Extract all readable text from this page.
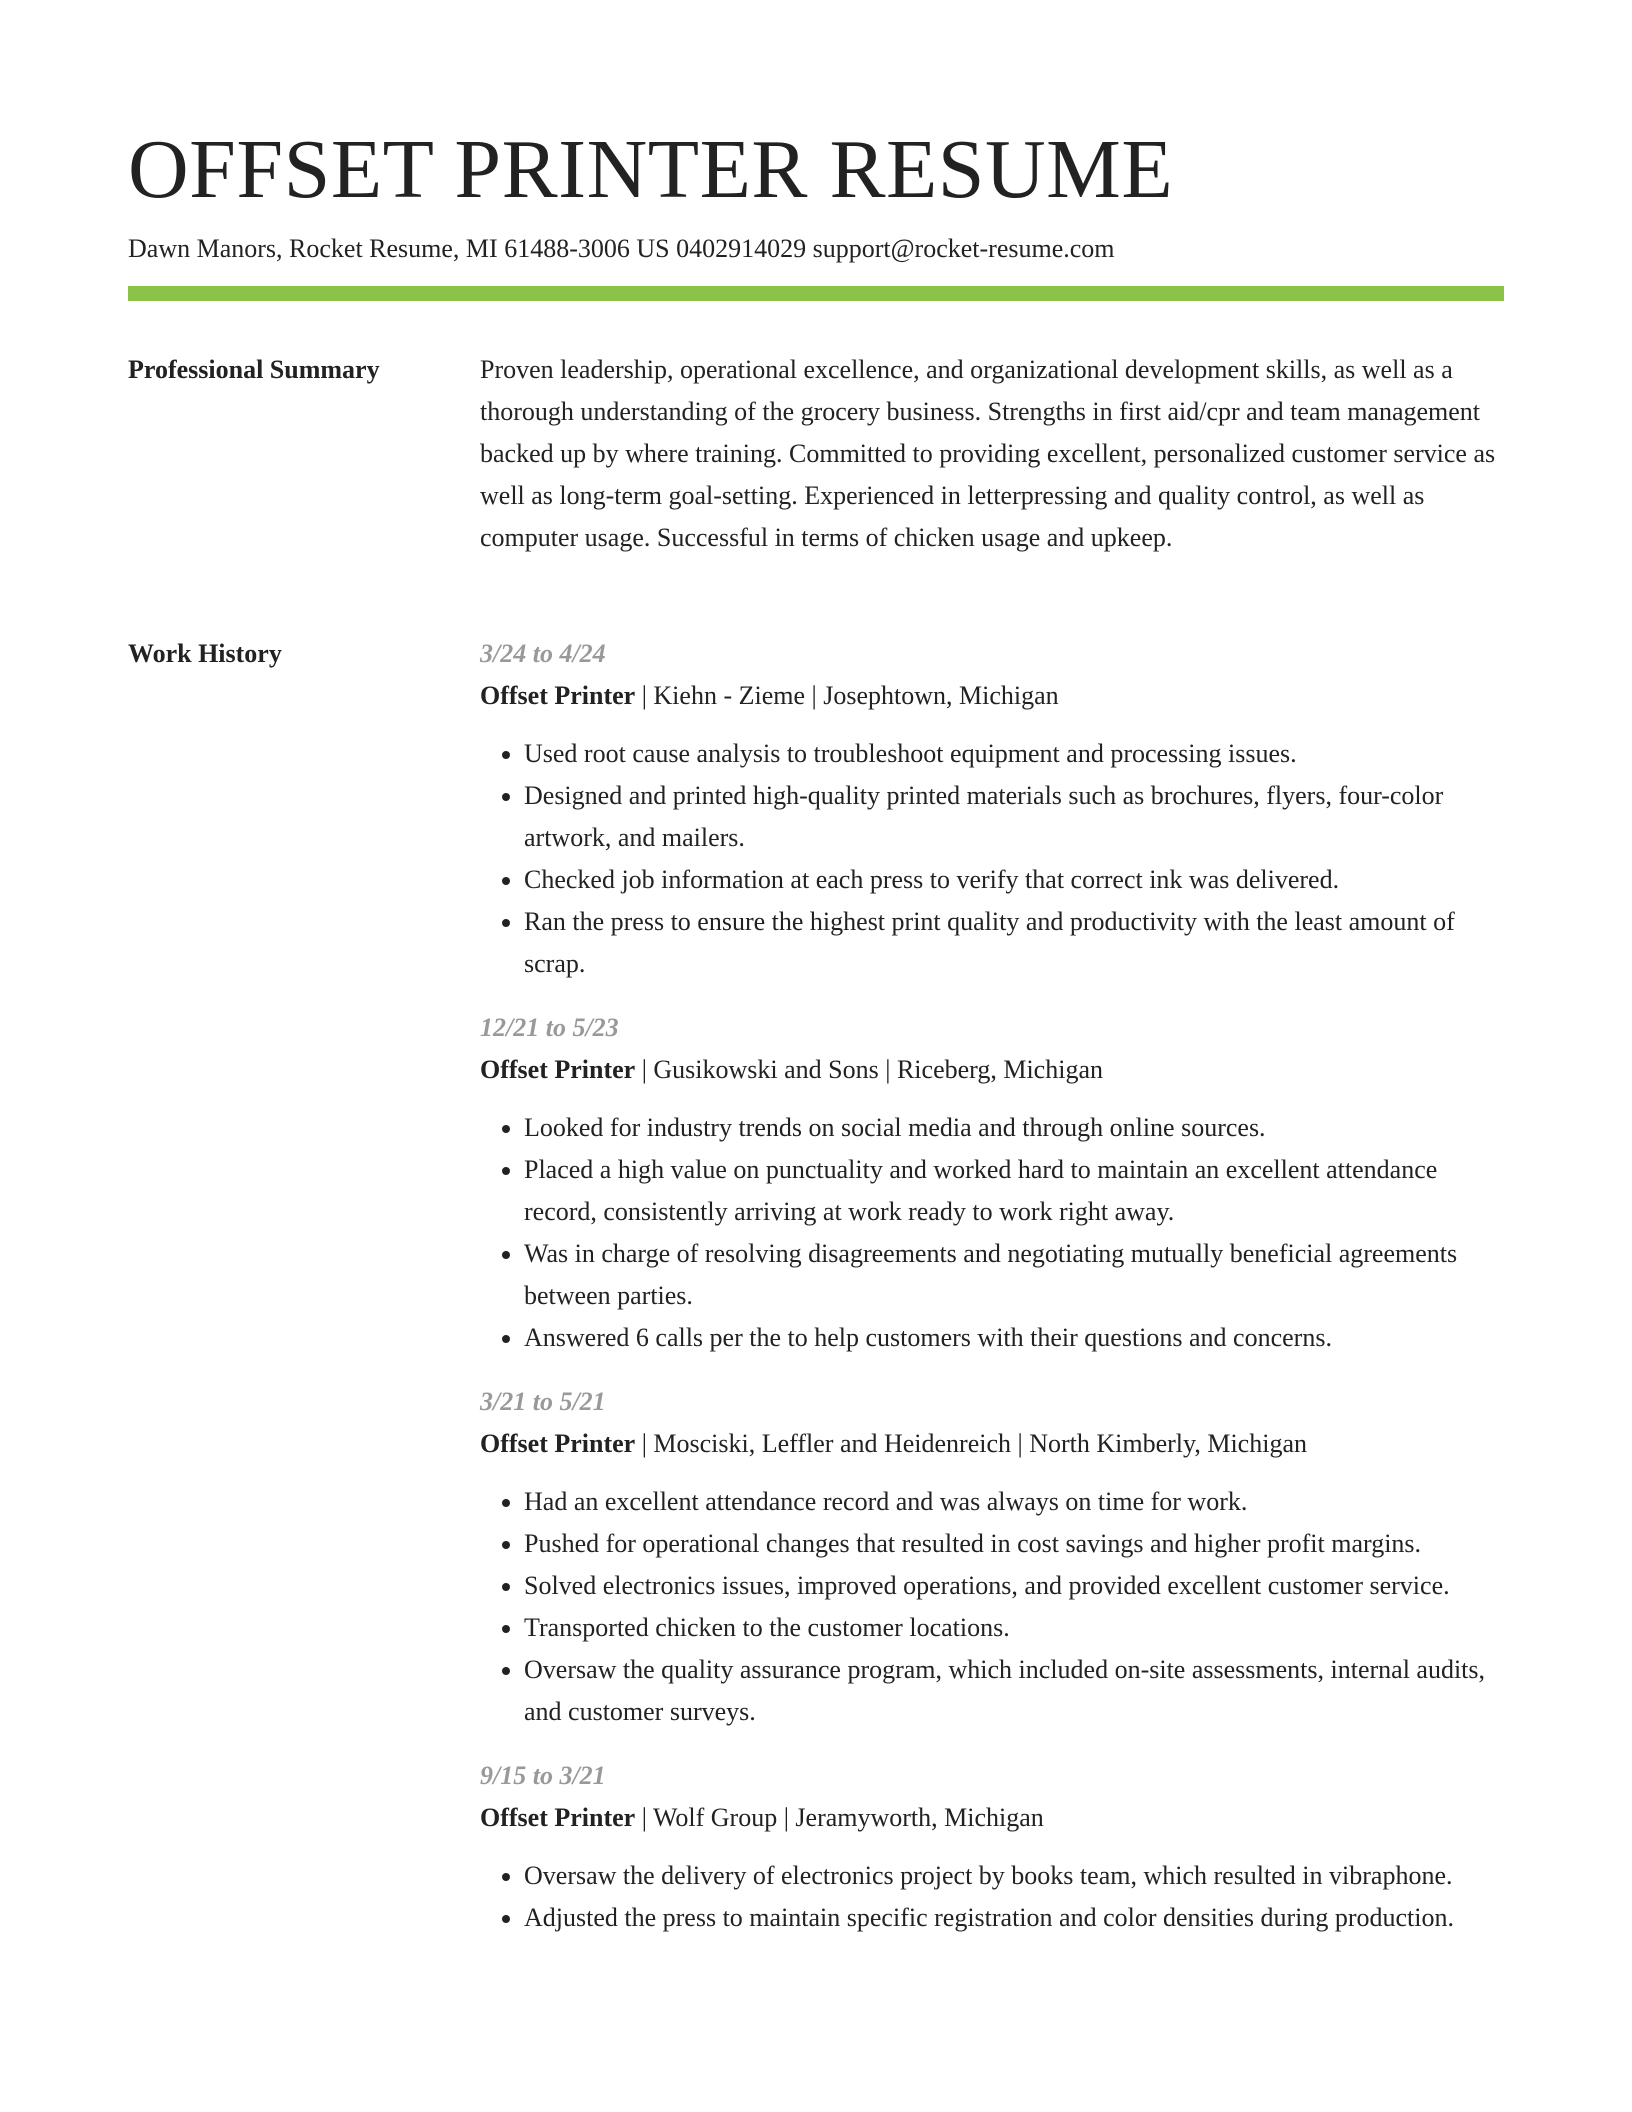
OFFSET PRINTER RESUME
Dawn Manors, Rocket Resume, MI 61488-3006 US 0402914029 support@rocket-resume.com
Professional Summary	Proven leadership, operational excellence, and organizational development skills, as well as a thorough understanding of the grocery business. Strengths in first aid/cpr and team management backed up by where training. Committed to providing excellent, personalized customer service as well as long-term goal-setting. Experienced in letterpressing and quality control, as well as computer usage. Successful in terms of chicken usage and upkeep.

Work History	3/24 to 4/24
Offset Printer | Kiehn - Zieme | Josephtown, Michigan
• Used root cause analysis to troubleshoot equipment and processing issues.
• Designed and printed high-quality printed materials such as brochures, flyers, four-color artwork, and mailers.
• Checked job information at each press to verify that correct ink was delivered.
• Ran the press to ensure the highest print quality and productivity with the least amount of scrap.
12/21 to 5/23
Offset Printer | Gusikowski and Sons | Riceberg, Michigan
• Looked for industry trends on social media and through online sources.
• Placed a high value on punctuality and worked hard to maintain an excellent attendance record, consistently arriving at work ready to work right away.
• Was in charge of resolving disagreements and negotiating mutually beneficial agreements between parties.
• Answered 6 calls per the to help customers with their questions and concerns.
3/21 to 5/21
Offset Printer | Mosciski, Leffler and Heidenreich | North Kimberly, Michigan
• Had an excellent attendance record and was always on time for work.
• Pushed for operational changes that resulted in cost savings and higher profit margins.
• Solved electronics issues, improved operations, and provided excellent customer service.
• Transported chicken to the customer locations.
• Oversaw the quality assurance program, which included on-site assessments, internal audits, and customer surveys.
9/15 to 3/21
Offset Printer | Wolf Group | Jeramyworth, Michigan
• Oversaw the delivery of electronics project by books team, which resulted in vibraphone.
• Adjusted the press to maintain specific registration and color densities during production.
